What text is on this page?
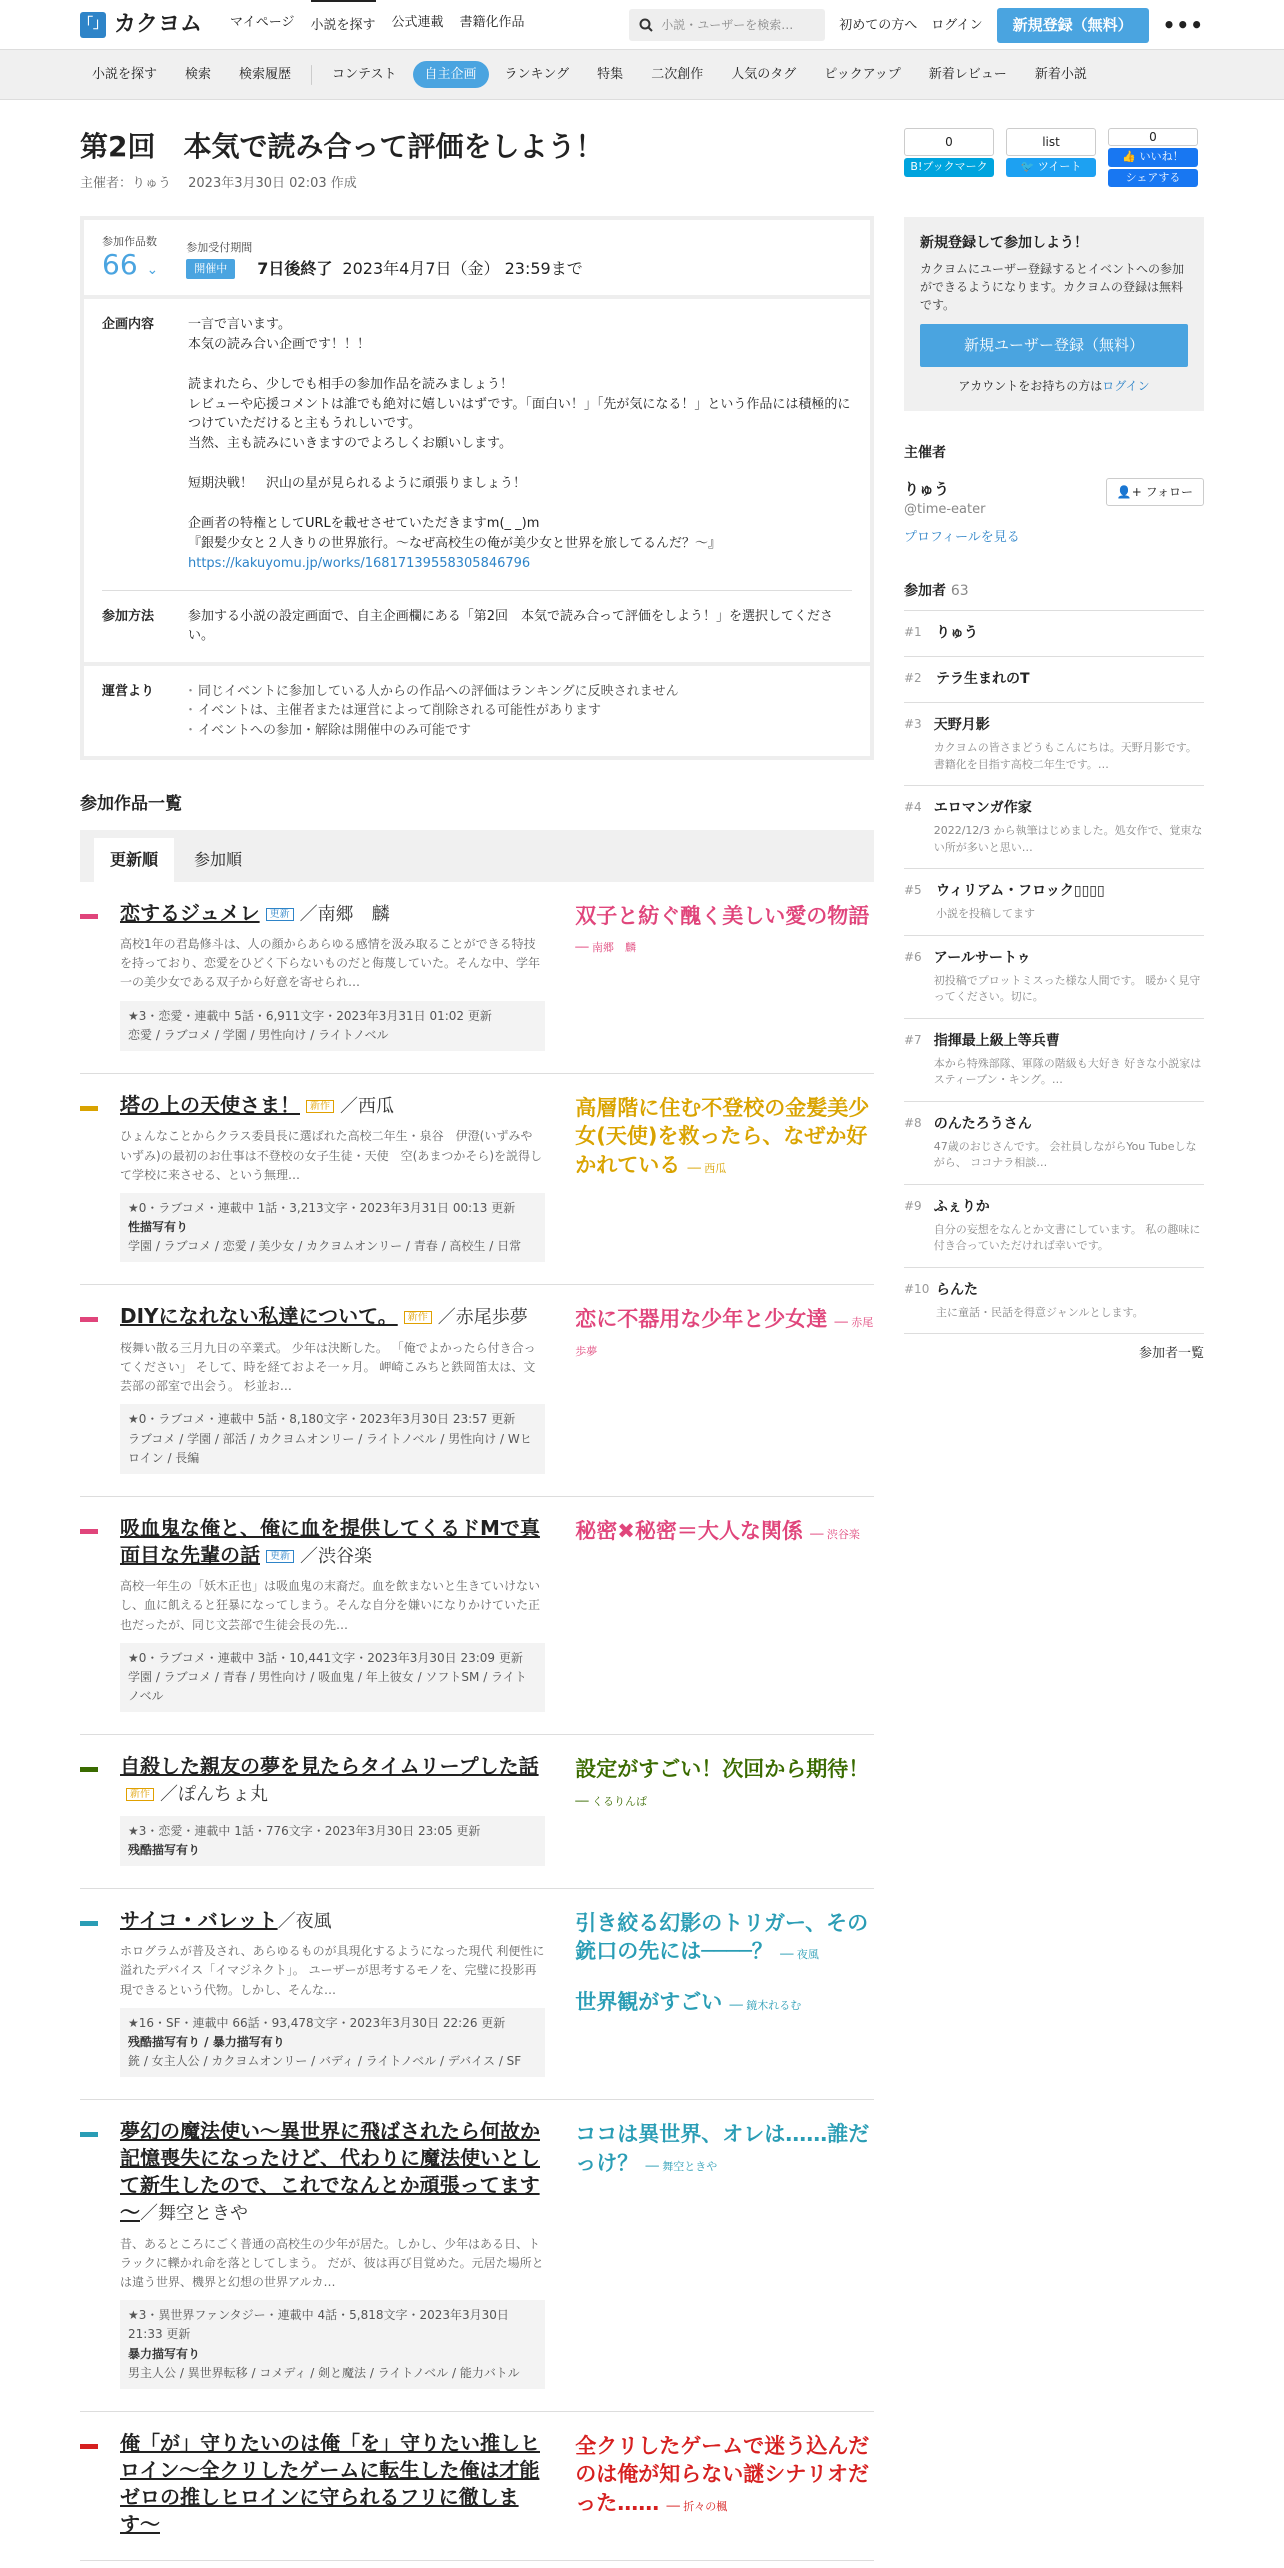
「」 カクヨム マイページ 小説を探す 公式連載 書籍化作品	小説・ユーザーを検索…	初めての方へ ログイン	新規登録（無料）	•••
小説を探す	検索	検索履歴	コンテスト	自主企画	ランキング	特集	二次創作	人気のタグ	ピックアップ	新着レビュー	新着小説
第2回　本気で読み合って評価をしよう！
主催者：りゅう　 2023年3月30日 02:03 作成
参加作品数
66 ⌄
参加受付期間
開催中	7日後終了 2023年4月7日（金） 23:59まで
企画内容	一言で言います。

本気の読み合い企画です！！！

読まれたら、少しでも相手の参加作品を読みましょう！

レビューや応援コメントは誰でも絶対に嬉しいはずです。「面白い！」「先が気になる！」という作品には積極的につけていただけると主もうれしいです。

当然、主も読みにいきますのでよろしくお願いします。

短期決戦！　沢山の星が見られるように頑張りましょう！

企画者の特権としてURLを載せさせていただきますm(_ _)m

『銀髪少女と２人きりの世界旅行。〜なぜ高校生の俺が美少女と世界を旅してるんだ？〜』

https://kakuyomu.jp/works/16817139558305846796

参加方法	参加する小説の設定画面で、自主企画欄にある「第2回　本気で読み合って評価をしよう！」を選択してください。
運営より
・	同じイベントに参加している人からの作品への評価はランキングに反映されません
・ イベントは、主催者または運営によって削除される可能性があります
・ イベントへの参加・解除は開催中のみ可能です
参加作品一覧
更新順	参加順
恋するジュメレ 更新 ／南郷　麟
高校1年の君島修斗は、人の顔からあらゆる感情を汲み取ることができる特技を持っており、恋愛をひどく下らないものだと侮蔑していた。そんな中、学年一の美少女である双子から好意を寄せられ…
★3・恋愛・連載中 5話・6,911文字・2023年3月31日 01:02 更新
恋愛 / ラブコメ / 学園 / 男性向け / ライトノベル
双子と紡ぐ醜く美しい愛の物語 ── 南郷　麟
塔の上の天使さま！ 新作 ／西瓜
ひょんなことからクラス委員長に選ばれた高校二年生・泉谷　伊澄(いずみや　いずみ)の最初のお仕事は不登校の女子生徒・天使　空(あまつかそら)を説得して学校に来させる、という無理…
★0・ラブコメ・連載中 1話・3,213文字・2023年3月31日 00:13 更新
性描写有り
学園 / ラブコメ / 恋愛 / 美少女 / カクヨムオンリー / 青春 / 高校生 / 日常
高層階に住む不登校の金髪美少女(天使)を救ったら、なぜか好かれている ── 西瓜
DIYになれない私達について。 新作 ／赤尾歩夢
桜舞い散る三月九日の卒業式。 少年は決断した。 「俺でよかったら付き合ってください」 そして、時を経ておよそ一ヶ月。 岬崎こみちと鉄岡笛太は、文芸部の部室で出会う。 杉並お…
★0・ラブコメ・連載中 5話・8,180文字・2023年3月30日 23:57 更新
ラブコメ / 学園 / 部活 / カクヨムオンリー / ライトノベル / 男性向け / Wヒロイン / 長編
恋に不器用な少年と少女達 ── 赤尾歩夢
吸血鬼な俺と、俺に血を提供してくるドMで真面目な先輩の話 更新 ／渋谷楽
高校一年生の「妖木正也」は吸血鬼の末裔だ。血を飲まないと生きていけないし、血に飢えると狂暴になってしまう。そんな自分を嫌いになりかけていた正也だったが、同じ文芸部で生徒会長の先…
★0・ラブコメ・連載中 3話・10,441文字・2023年3月30日 23:09 更新
学園 / ラブコメ / 青春 / 男性向け / 吸血鬼 / 年上彼女 / ソフトSM / ライトノベル
秘密✖秘密＝大人な関係 ── 渋谷楽
自殺した親友の夢を見たらタイムリープした話新作 ／ぽんちょ丸
★3・恋愛・連載中 1話・776文字・2023年3月30日 23:05 更新
残酷描写有り
設定がすごい！次回から期待！ ── くるりんぱ
サイコ・バレット／夜風
ホログラムが普及され、あらゆるものが具現化するようになった現代 利便性に溢れたデバイス「イマジネクト」。 ユーザーが思考するモノを、完璧に投影再現できるという代物。しかし、そんな…
★16・SF・連載中 66話・93,478文字・2023年3月30日 22:26 更新
残酷描写有り / 暴力描写有り
銃 / 女主人公 / カクヨムオンリー / バディ / ライトノベル / デバイス / SF
引き絞る幻影のトリガー、その銃口の先には────？ ── 夜風
世界観がすごい ── 鏡木れるむ
夢幻の魔法使い～異世界に飛ばされたら何故か記憶喪失になったけど、代わりに魔法使いとして新生したので、これでなんとか頑張ってます～／舞空ときや
昔、あるところにごく普通の高校生の少年が居た。しかし、少年はある日、トラックに轢かれ命を落としてしまう。 だが、彼は再び目覚めた。元居た場所とは違う世界、機界と幻想の世界アルカ…
★3・異世界ファンタジー・連載中 4話・5,818文字・2023年3月30日 21:33 更新
暴力描写有り
男主人公 / 異世界転移 / コメディ / 剣と魔法 / ライトノベル / 能力バトル
ココは異世界、オレは……誰だっけ？ ── 舞空ときや
俺「が」守りたいのは俺「を」守りたい推しヒロイン〜全クリしたゲームに転生した俺は才能ゼロの推しヒロインに守られるフリに徹します〜
全クリしたゲームで迷う込んだのは俺が知らない謎シナリオだった…… ── 折々の楓
0
B!ブックマーク
list
🐦 ツイート
0
👍 いいね！
シェアする
新規登録して参加しよう！

カクヨムにユーザー登録するとイベントへの参加ができるようになります。カクヨムの登録は無料です。

新規ユーザー登録（無料）
アカウントをお持ちの方はログイン
主催者
りゅう
@time-eater
👤+ フォロー
プロフィールを見る
参加者 63
#1 りゅう
#2 テラ生まれのT
#3 天野月影
カクヨムの皆さまどうもこんにちは。天野月影です。書籍化を目指す高校二年生です。…
#4 エロマンガ作家
2022/12/3 から執筆はじめました。処女作で、覚束ない所が多いと思い…
#5 ウィリアム・フロック▯▯▯▯
小説を投稿してます
#6 アールサートゥ
初投稿でプロットミスった様な人間です。 暖かく見守ってください。切に。
#7 指揮最上級上等兵曹
本から特殊部隊、軍隊の階級も大好き 好きな小説家はスティーブン・キング。…
#8 のんたろうさん
47歳のおじさんです。 会社員しながらYou Tubeしながら、 ココナラ相談…
#9 ふぇりか
自分の妄想をなんとか文書にしています。 私の趣味に付き合っていただければ幸いです。
#10 らんた
主に童話・民話を得意ジャンルとします。
参加者一覧
